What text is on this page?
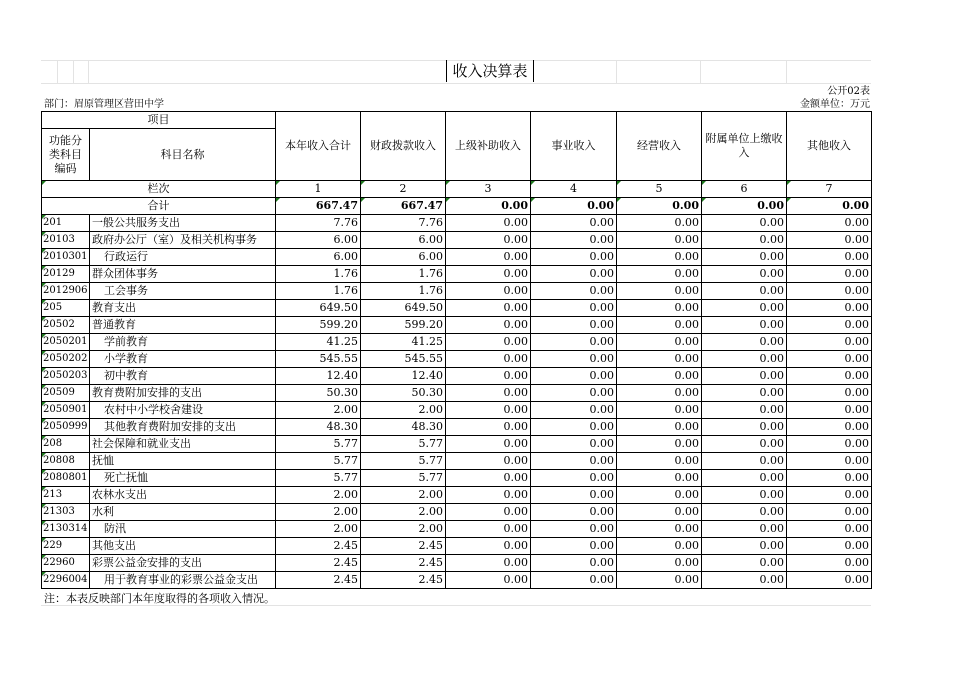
收入决算表
公开02表
部门：眉原管理区营田中学	金额单位：万元
项目		本年收入合计	财政拨款收入	上级补助收入	事业收入	经营收入	附属单位上缴收入	其他收入
功能分类科目编码	科目名称							
栏次		1	2	3	4	5	6	7
合计		667.47	667.47	0.00	0.00	0.00	0.00	0.00
201	一般公共服务支出	7.76	7.76	0.00	0.00	0.00	0.00	0.00
20103	政府办公厅（室）及相关机构事务	6.00	6.00	0.00	0.00	0.00	0.00	0.00
2010301	行政运行	6.00	6.00	0.00	0.00	0.00	0.00	0.00
20129	群众团体事务	1.76	1.76	0.00	0.00	0.00	0.00	0.00
2012906	工会事务	1.76	1.76	0.00	0.00	0.00	0.00	0.00
205	教育支出	649.50	649.50	0.00	0.00	0.00	0.00	0.00
20502	普通教育	599.20	599.20	0.00	0.00	0.00	0.00	0.00
2050201	学前教育	41.25	41.25	0.00	0.00	0.00	0.00	0.00
2050202	小学教育	545.55	545.55	0.00	0.00	0.00	0.00	0.00
2050203	初中教育	12.40	12.40	0.00	0.00	0.00	0.00	0.00
20509	教育费附加安排的支出	50.30	50.30	0.00	0.00	0.00	0.00	0.00
2050901	农村中小学校舍建设	2.00	2.00	0.00	0.00	0.00	0.00	0.00
2050999	其他教育费附加安排的支出	48.30	48.30	0.00	0.00	0.00	0.00	0.00
208	社会保障和就业支出	5.77	5.77	0.00	0.00	0.00	0.00	0.00
20808	抚恤	5.77	5.77	0.00	0.00	0.00	0.00	0.00
2080801	死亡抚恤	5.77	5.77	0.00	0.00	0.00	0.00	0.00
213	农林水支出	2.00	2.00	0.00	0.00	0.00	0.00	0.00
21303	水利	2.00	2.00	0.00	0.00	0.00	0.00	0.00
2130314	防汛	2.00	2.00	0.00	0.00	0.00	0.00	0.00
229	其他支出	2.45	2.45	0.00	0.00	0.00	0.00	0.00
22960	彩票公益金安排的支出	2.45	2.45	0.00	0.00	0.00	0.00	0.00
2296004	用于教育事业的彩票公益金支出	2.45	2.45	0.00	0.00	0.00	0.00	0.00
注：本表反映部门本年度取得的各项收入情况。
